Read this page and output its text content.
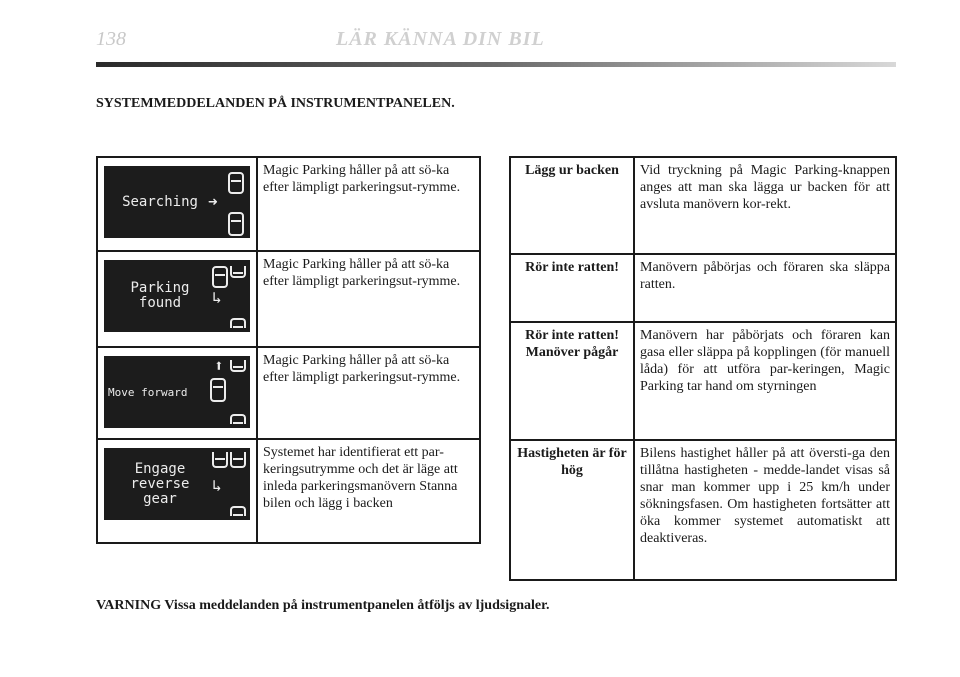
138	LÄR KÄNNA DIN BIL
SYSTEMMEDDELANDEN PÅ INSTRUMENTPANELEN.
Searching ➜	Magic Parking håller på att sö-ka efter lämpligt parkeringsut-rymme.

Parking
found ↳	Magic Parking håller på att sö-ka efter lämpligt parkeringsut-rymme.

Move forward
⬆	Magic Parking håller på att sö-ka efter lämpligt parkeringsut-rymme.

Engage
reverse
gear
↳	Systemet har identifierat ett par-keringsutrymme och det är läge att inleda parkeringsmanövern Stanna bilen och lägg i backen
Lägg ur backen	Vid tryckning på Magic Parking-knappen anges att man ska lägga ur backen för att avsluta manövern kor-rekt.
Rör inte ratten!	Manövern påbörjas och föraren ska släppa ratten.
Rör inte ratten! Manöver pågår	Manövern har påbörjats och föraren kan gasa eller släppa på kopplingen (för manuell låda) för att utföra par-keringen, Magic Parking tar hand om styrningen
Hastigheten är för hög	Bilens hastighet håller på att översti-ga den tillåtna hastigheten - medde-landet visas så snar man kommer upp i 25 km/h under sökningsfasen. Om hastigheten fortsätter att öka kommer systemet automatiskt att deaktiveras.
VARNING Vissa meddelanden på instrumentpanelen åtföljs av ljudsignaler.
